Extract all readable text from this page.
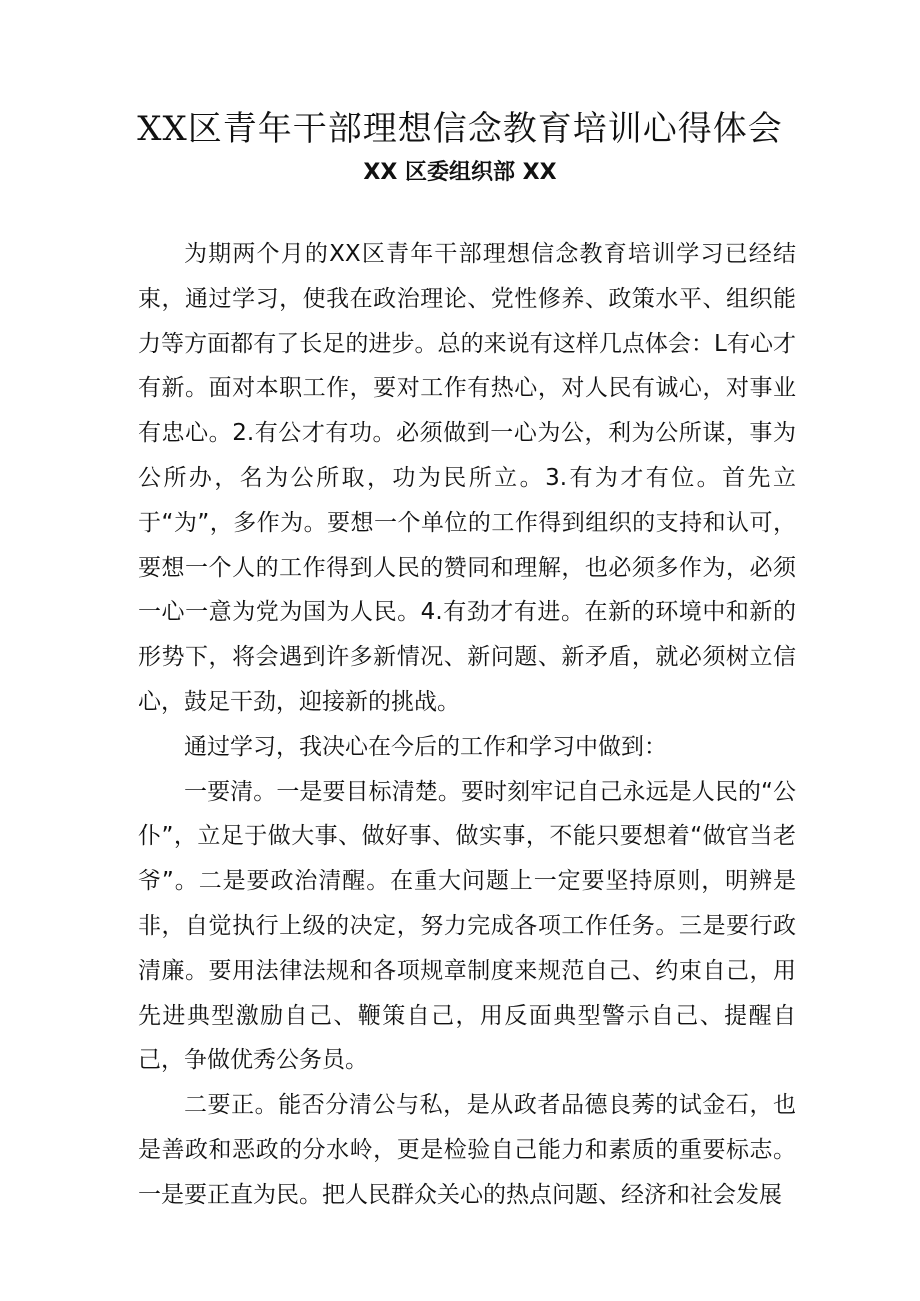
XX区青年干部理想信念教育培训心得体会
XX 区委组织部 XX

为期两个月的XX区青年干部理想信念教育培训学习已经结束，通过学习，使我在政治理论、党性修养、政策水平、组织能力等方面都有了长足的进步。总的来说有这样几点体会：L有心才有新。面对本职工作，要对工作有热心，对人民有诚心，对事业有忠心。2.有公才有功。必须做到一心为公，利为公所谋，事为公所办，名为公所取，功为民所立。3.有为才有位。首先立于“为”，多作为。要想一个单位的工作得到组织的支持和认可，要想一个人的工作得到人民的赞同和理解，也必须多作为，必须一心一意为党为国为人民。4.有劲才有进。在新的环境中和新的形势下，将会遇到许多新情况、新问题、新矛盾，就必须树立信心，鼓足干劲，迎接新的挑战。

通过学习，我决心在今后的工作和学习中做到：

一要清。一是要目标清楚。要时刻牢记自己永远是人民的“公仆”，立足于做大事、做好事、做实事，不能只要想着“做官当老爷”。二是要政治清醒。在重大问题上一定要坚持原则，明辨是非，自觉执行上级的决定，努力完成各项工作任务。三是要行政清廉。要用法律法规和各项规章制度来规范自己、约束自己，用先进典型激励自己、鞭策自己，用反面典型警示自己、提醒自己，争做优秀公务员。

二要正。能否分清公与私，是从政者品德良莠的试金石，也是善政和恶政的分水岭，更是检验自己能力和素质的重要标志。一是要正直为民。把人民群众关心的热点问题、经济和社会发展
